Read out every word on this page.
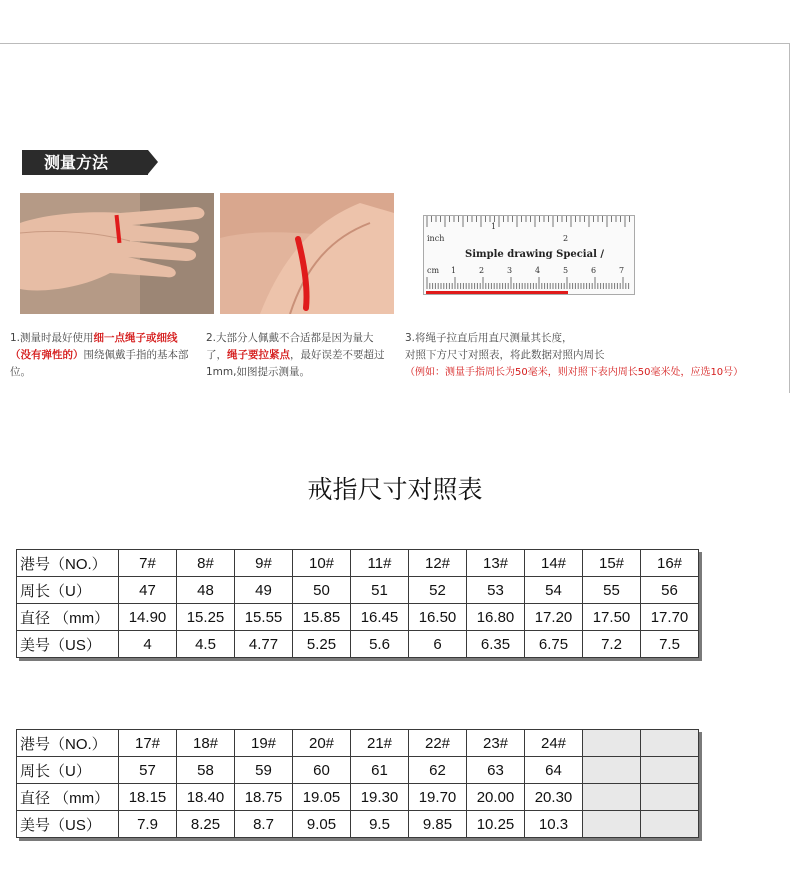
测量方法
inch
1
2
Simple drawing Special /
cm 1	2	3	4	5	6	7
1.测量时最好使用细一点绳子或细线（没有弹性的）围绕佩戴手指的基本部位。
2.大部分人佩戴不合适都是因为量大了，绳子要拉紧点，最好误差不要超过1mm,如图提示测量。
3.将绳子拉直后用直尺测量其长度，
对照下方尺寸对照表，将此数据对照内周长
（例如：测量手指周长为50毫米，则对照下表内周长50毫米处，应选10号）
戒指尺寸对照表
港号（NO.）	7#	8#	9#	10#	11#	12#	13#	14#	15#	16#
周长（U）	47	48	49	50	51	52	53	54	55	56
直径 （mm）	14.90	15.25	15.55	15.85	16.45	16.50	16.80	17.20	17.50	17.70
美号（US）	4	4.5	4.77	5.25	5.6	6	6.35	6.75	7.2	7.5
港号（NO.）	17#	18#	19#	20#	21#	22#	23#	24#		
周长（U）	57	58	59	60	61	62	63	64		
直径 （mm）	18.15	18.40	18.75	19.05	19.30	19.70	20.00	20.30		
美号（US）	7.9	8.25	8.7	9.05	9.5	9.85	10.25	10.3		
